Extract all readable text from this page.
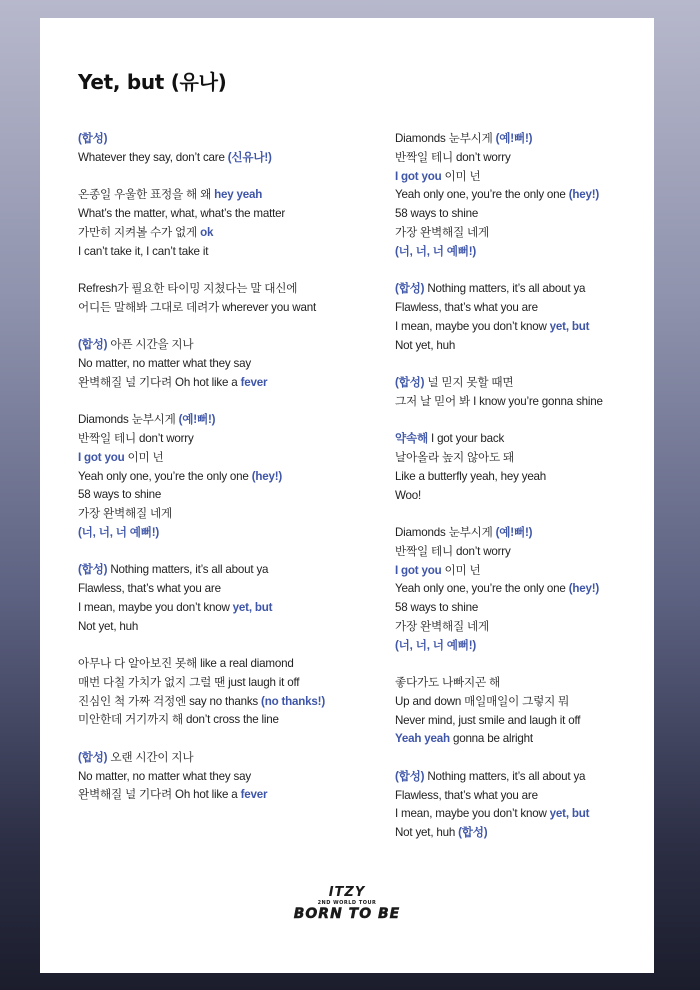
Yet, but (유나)
(합성)
Whatever they say, don’t care (신유나!)
온종일 우울한 표정을 해 왜 hey yeah
What’s the matter, what, what’s the matter
가만히 지켜볼 수가 없게 ok
I can’t take it, I can’t take it
Refresh가 필요한 타이밍 지쳤다는 말 대신에
어디든 말해봐 그대로 데려가 wherever you want
(합성) 아픈 시간을 지나
No matter, no matter what they say
완벽해질 널 기다려 Oh hot like a fever
Diamonds 눈부시게 (예!뻐!)
반짝일 테니 don’t worry
I got you 이미 넌
Yeah only one, you’re the only one (hey!)
58 ways to shine
가장 완벽해질 네게
(너, 너, 너 예뻐!)
(합성) Nothing matters, it’s all about ya
Flawless, that’s what you are
I mean, maybe you don’t know yet, but
Not yet, huh
아무나 다 알아보진 못해 like a real diamond
매번 다칠 가치가 없지 그럴 땐 just laugh it off
진심인 척 가짜 걱정엔 say no thanks (no thanks!)
미안한데 거기까지 해 don’t cross the line
(합성) 오랜 시간이 지나
No matter, no matter what they say
완벽해질 널 기다려 Oh hot like a fever
Diamonds 눈부시게 (예!뻐!)
반짝일 테니 don’t worry
I got you 이미 넌
Yeah only one, you’re the only one (hey!)
58 ways to shine
가장 완벽해질 네게
(너, 너, 너 예뻐!)
(합성) Nothing matters, it’s all about ya
Flawless, that’s what you are
I mean, maybe you don’t know yet, but
Not yet, huh
(합성) 널 믿지 못할 때면
그저 날 믿어 봐 I know you’re gonna shine
약속해 I got your back
날아올라 높지 않아도 돼
Like a butterfly yeah, hey yeah
Woo!
Diamonds 눈부시게 (예!뻐!)
반짝일 테니 don’t worry
I got you 이미 넌
Yeah only one, you’re the only one (hey!)
58 ways to shine
가장 완벽해질 네게
(너, 너, 너 예뻐!)
좋다가도 나빠지곤 해
Up and down 매일매일이 그렇지 뭐
Never mind, just smile and laugh it off
Yeah yeah gonna be alright
(합성) Nothing matters, it’s all about ya
Flawless, that’s what you are
I mean, maybe you don’t know yet, but
Not yet, huh (합성)
ITZY
2ND WORLD TOUR
BORN TO BE
